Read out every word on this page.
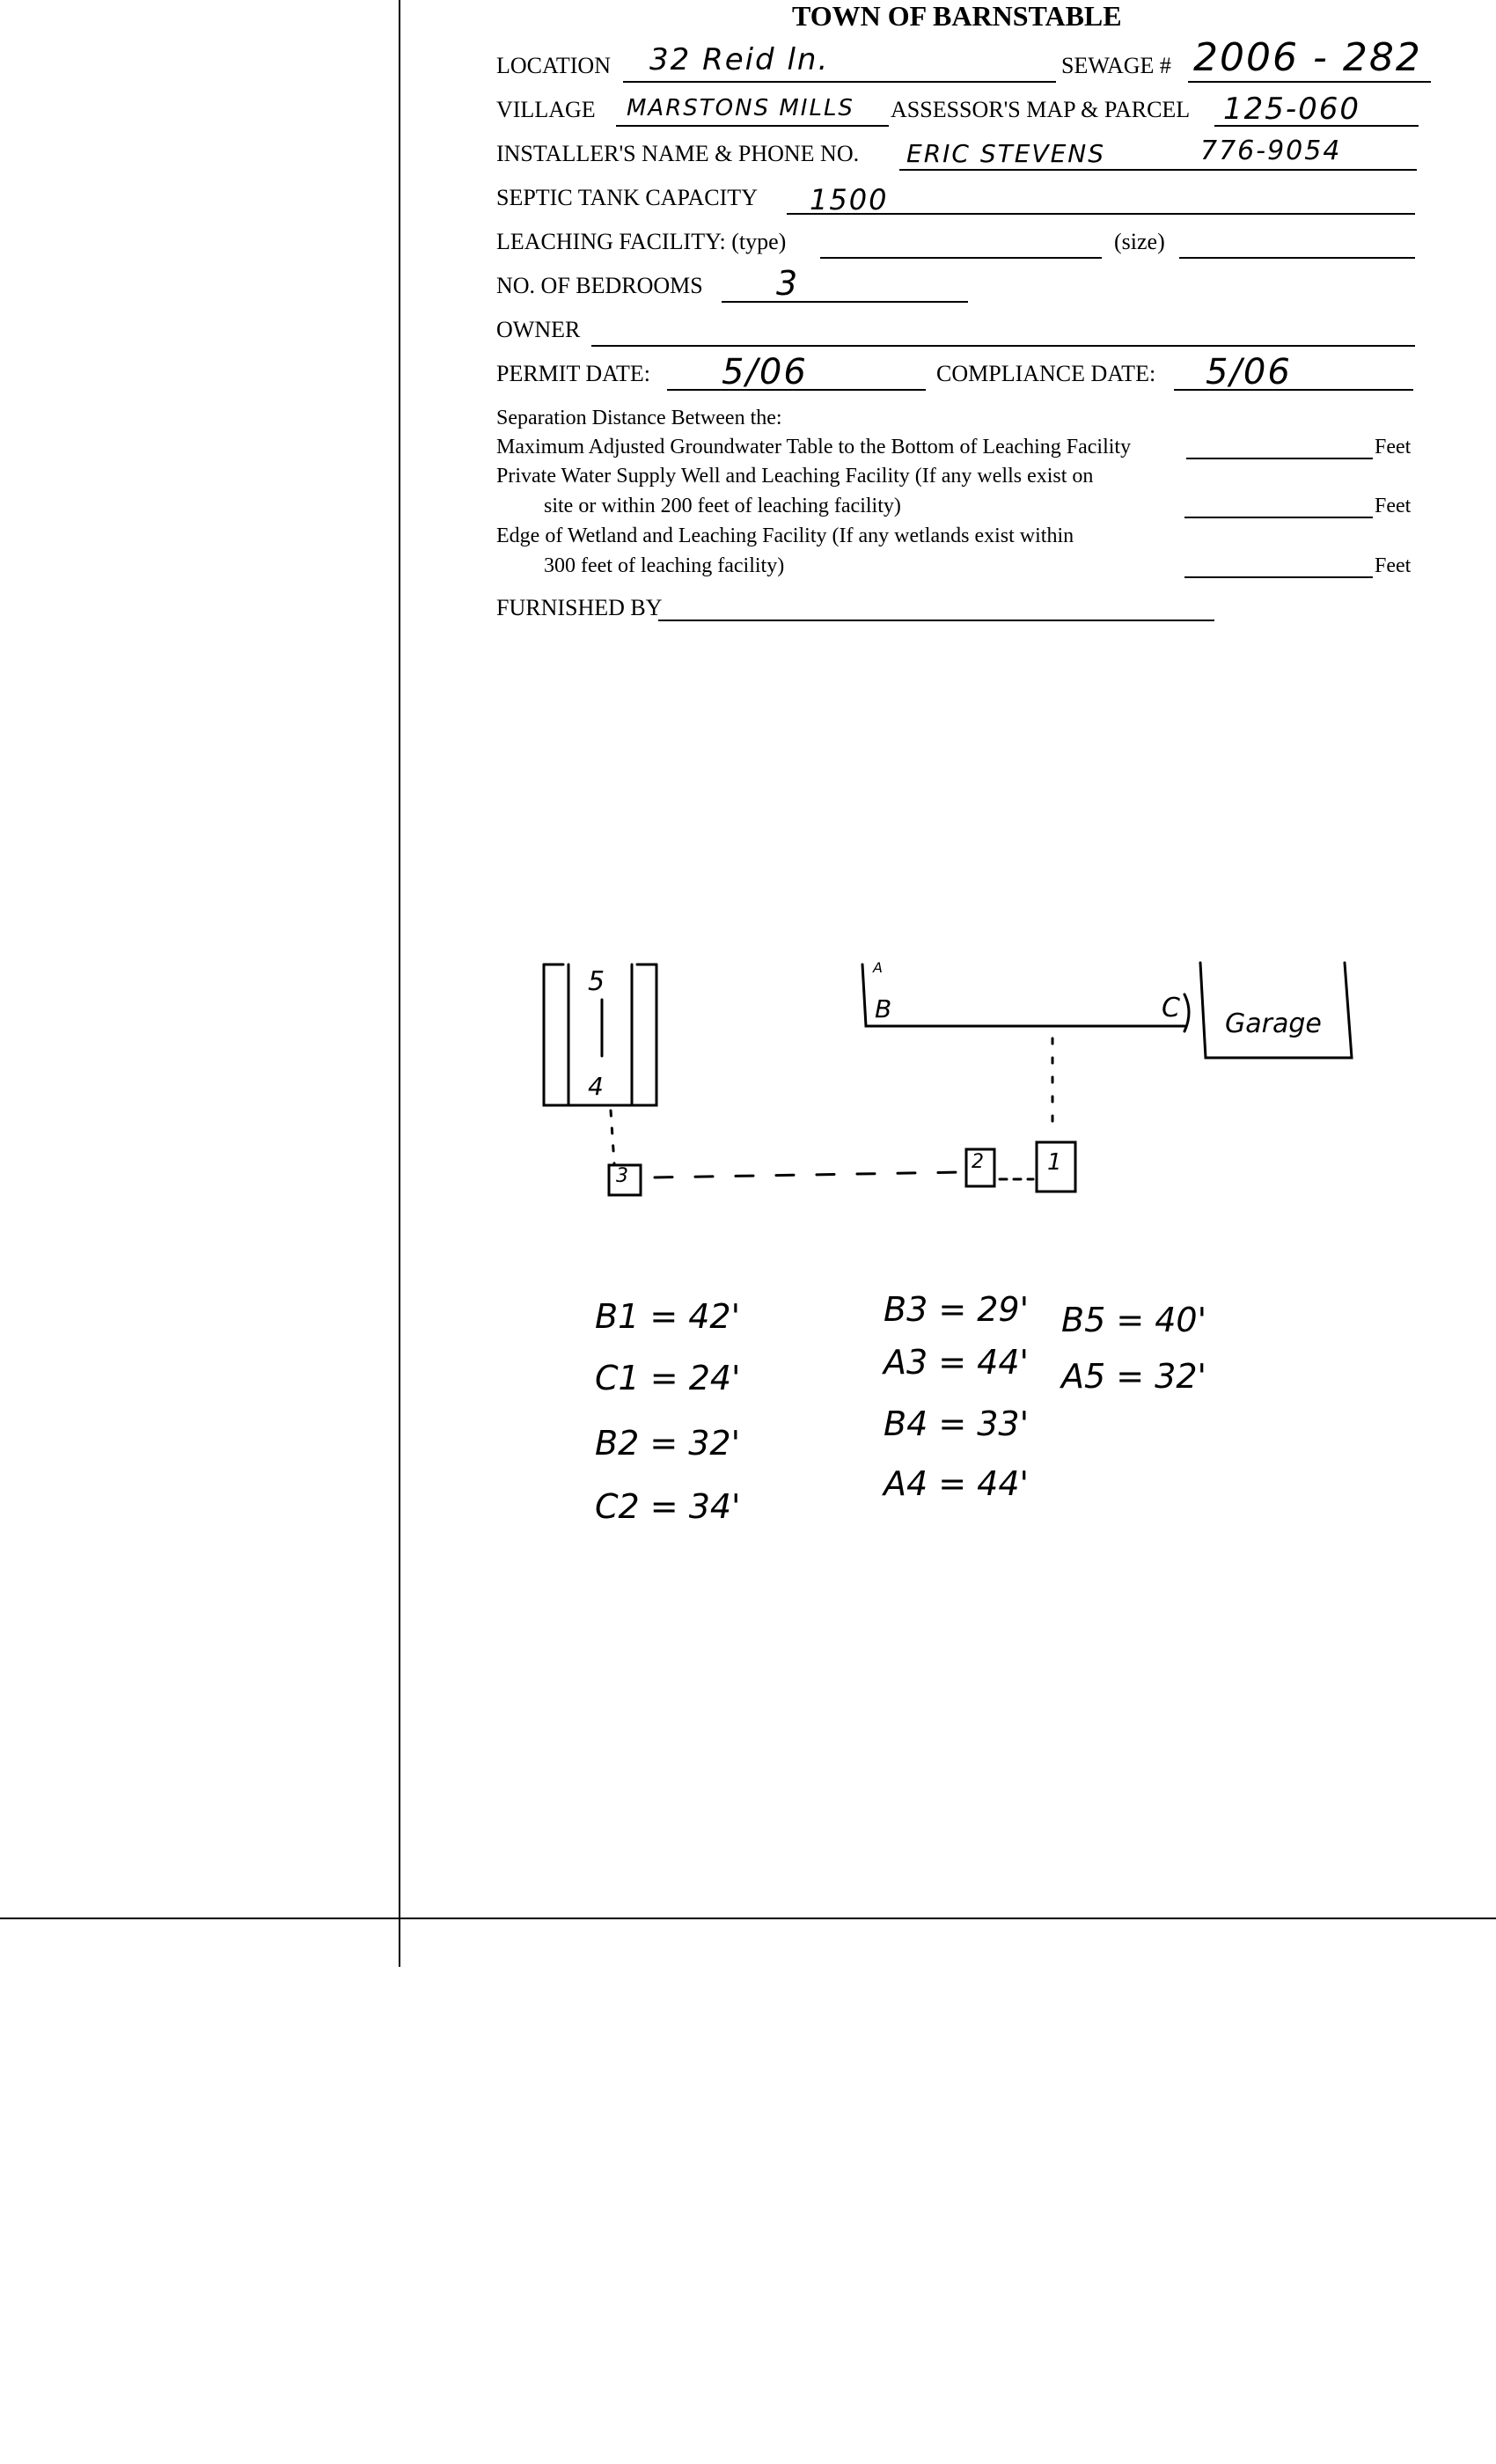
TOWN OF BARNSTABLE
LOCATION 32 Reid ln.	SEWAGE # 2006 - 282
VILLAGE MARSTONS MILLS ASSESSOR'S MAP & PARCEL 125-060
INSTALLER'S NAME & PHONE NO. ERIC STEVENS	776-9054
SEPTIC TANK CAPACITY 1500
LEACHING FACILITY: (type)	(size)
NO. OF BEDROOMS 3
OWNER
PERMIT DATE: 5/06	COMPLIANCE DATE: 5/06
Separation Distance Between the:
Maximum Adjusted Groundwater Table to the Bottom of Leaching Facility	Feet
Private Water Supply Well and Leaching Facility (If any wells exist on
site or within 200 feet of leaching facility)	Feet
Edge of Wetland and Leaching Facility (If any wetlands exist within
300 feet of leaching facility)	Feet
FURNISHED BY
5
4
B	C
A
Garage
3
2	1
B1 = 42'
C1 = 24'
B2 = 32'
C2 = 34'
B3 = 29'
A3 = 44'
B4 = 33'
A4 = 44'
B5 = 40'
A5 = 32'
